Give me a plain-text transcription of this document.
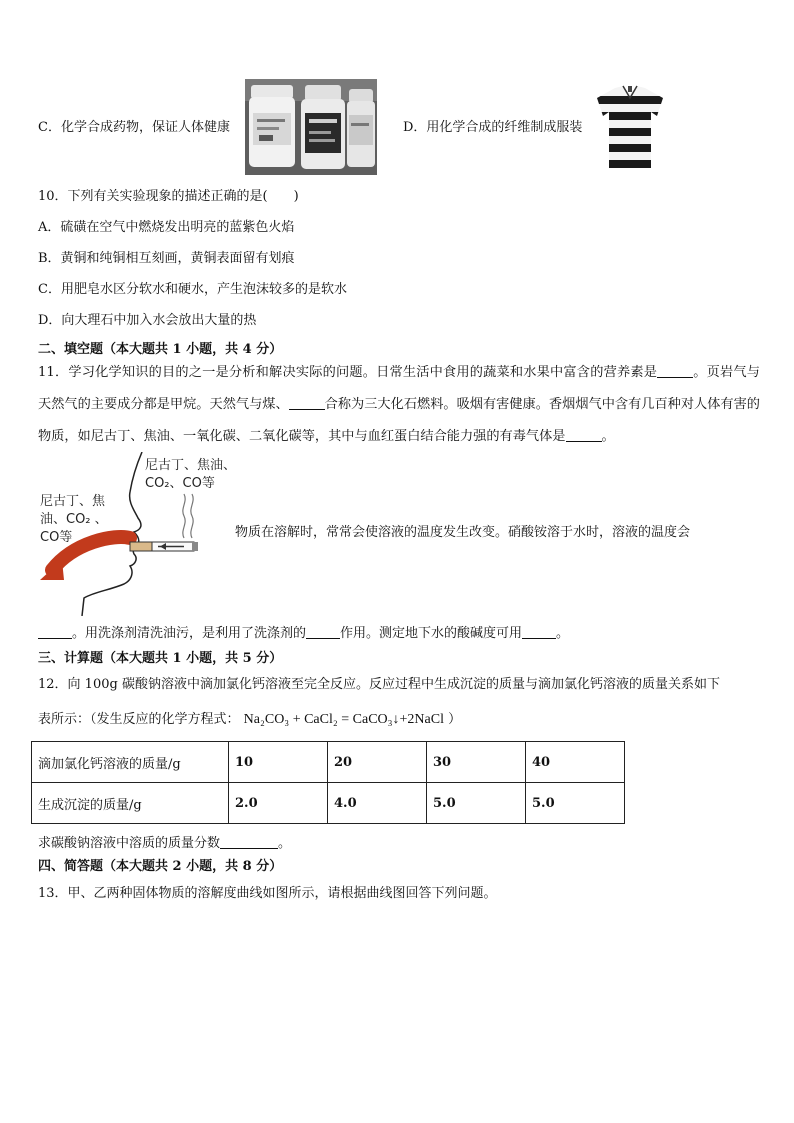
C．化学合成药物，保证人体健康	D．用化学合成的纤维制成服装
10．下列有关实验现象的描述正确的是(　　)
A．硫磺在空气中燃烧发出明亮的蓝紫色火焰
B．黄铜和纯铜相互刻画，黄铜表面留有划痕
C．用肥皂水区分软水和硬水，产生泡沫较多的是软水
D．向大理石中加入水会放出大量的热
二、填空题（本大题共 1 小题，共 4 分）
11．学习化学知识的目的之一是分析和解决实际的问题。日常生活中食用的蔬菜和水果中富含的营养素是	。页岩气与天然气的主要成分都是甲烷。天然气与煤、	合称为三大化石燃料。吸烟有害健康。香烟烟气中含有几百种对人体有害的物质，如尼古丁、焦油、一氧化碳、二氧化碳等，其中与血红蛋白结合能力强的有毒气体是	。
尼古丁、焦油、
CO₂、CO等
尼古丁、焦
油、CO₂ 、
CO等	物质在溶解时，常常会使溶液的温度发生改变。硝酸铵溶于水时，溶液的温度会
。用洗涤剂清洗油污，是利用了洗涤剂的	作用。测定地下水的酸碱度可用	。
三、计算题（本大题共 1 小题，共 5 分）
12．向 100g 碳酸钠溶液中滴加氯化钙溶液至完全反应。反应过程中生成沉淀的质量与滴加氯化钙溶液的质量关系如下
表所示：（发生反应的化学方程式： Na₂CO₃ + CaCl₂ = CaCO₃↓+2NaCl ）
滴加氯化钙溶液的质量/g	10	20	30	40
生成沉淀的质量/g	2.0	4.0	5.0	5.0
求碳酸钠溶液中溶质的质量分数	。
四、简答题（本大题共 2 小题，共 8 分）
13．甲、乙两种固体物质的溶解度曲线如图所示，请根据曲线图回答下列问题。
